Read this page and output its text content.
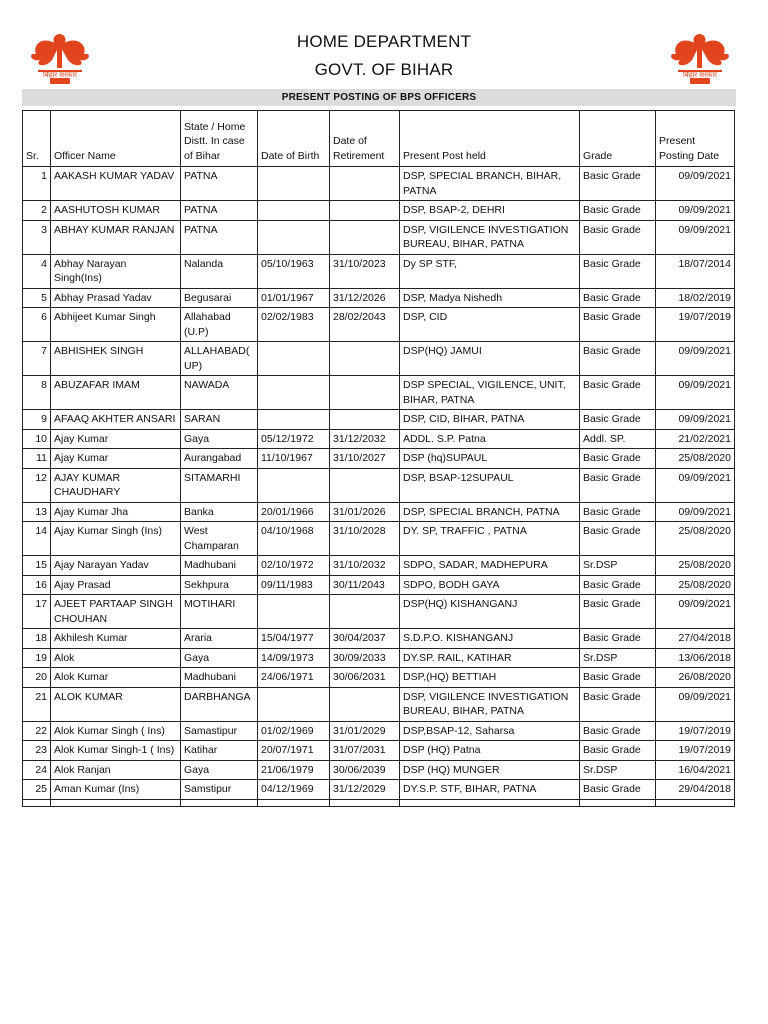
बिहार सरकार	बिहार सरकार
HOME DEPARTMENT
GOVT. OF BIHAR
PRESENT POSTING OF BPS OFFICERS
Sr.	Officer Name	State / Home Distt. In case of Bihar	Date of Birth	Date of Retirement	Present Post held	Grade	Present Posting Date
1	AAKASH KUMAR YADAV	PATNA			DSP, SPECIAL BRANCH, BIHAR, PATNA	Basic Grade	09/09/2021
2	AASHUTOSH KUMAR	PATNA			DSP, BSAP-2, DEHRI	Basic Grade	09/09/2021
3	ABHAY KUMAR RANJAN	PATNA			DSP, VIGILENCE INVESTIGATION BUREAU, BIHAR, PATNA	Basic Grade	09/09/2021
4	Abhay Narayan Singh(Ins)	Nalanda	05/10/1963	31/10/2023	Dy SP STF,	Basic Grade	18/07/2014
5	Abhay Prasad Yadav	Begusarai	01/01/1967	31/12/2026	DSP, Madya Nishedh	Basic Grade	18/02/2019
6	Abhijeet Kumar Singh	Allahabad (U.P)	02/02/1983	28/02/2043	DSP, CID	Basic Grade	19/07/2019
7	ABHISHEK SINGH	ALLAHABAD(UP)			DSP(HQ) JAMUI	Basic Grade	09/09/2021
8	ABUZAFAR IMAM	NAWADA			DSP SPECIAL, VIGILENCE, UNIT, BIHAR, PATNA	Basic Grade	09/09/2021
9	AFAAQ AKHTER ANSARI	SARAN			DSP, CID, BIHAR, PATNA	Basic Grade	09/09/2021
10	Ajay Kumar	Gaya	05/12/1972	31/12/2032	ADDL. S.P. Patna	Addl. SP.	21/02/2021
11	Ajay Kumar	Aurangabad	11/10/1967	31/10/2027	DSP (hq)SUPAUL	Basic Grade	25/08/2020
12	AJAY KUMAR CHAUDHARY	SITAMARHI			DSP, BSAP-12SUPAUL	Basic Grade	09/09/2021
13	Ajay Kumar Jha	Banka	20/01/1966	31/01/2026	DSP, SPECIAL BRANCH, PATNA	Basic Grade	09/09/2021
14	Ajay Kumar Singh (Ins)	West Champaran	04/10/1968	31/10/2028	DY. SP, TRAFFIC , PATNA	Basic Grade	25/08/2020
15	Ajay Narayan Yadav	Madhubani	02/10/1972	31/10/2032	SDPO, SADAR, MADHEPURA	Sr.DSP	25/08/2020
16	Ajay Prasad	Sekhpura	09/11/1983	30/11/2043	SDPO, BODH GAYA	Basic Grade	25/08/2020
17	AJEET PARTAAP SINGH CHOUHAN	MOTIHARI			DSP(HQ) KISHANGANJ	Basic Grade	09/09/2021
18	Akhilesh Kumar	Araria	15/04/1977	30/04/2037	S.D.P.O. KISHANGANJ	Basic Grade	27/04/2018
19	Alok	Gaya	14/09/1973	30/09/2033	DY.SP. RAIL, KATIHAR	Sr.DSP	13/06/2018
20	Alok Kumar	Madhubani	24/06/1971	30/06/2031	DSP,(HQ) BETTIAH	Basic Grade	26/08/2020
21	ALOK KUMAR	DARBHANGA			DSP, VIGILENCE INVESTIGATION BUREAU, BIHAR, PATNA	Basic Grade	09/09/2021
22	Alok Kumar Singh ( Ins)	Samastipur	01/02/1969	31/01/2029	DSP,BSAP-12, Saharsa	Basic Grade	19/07/2019
23	Alok Kumar Singh-1 ( Ins)	Katihar	20/07/1971	31/07/2031	DSP (HQ) Patna	Basic Grade	19/07/2019
24	Alok Ranjan	Gaya	21/06/1979	30/06/2039	DSP (HQ) MUNGER	Sr.DSP	16/04/2021
25	Aman Kumar (Ins)	Samstipur	04/12/1969	31/12/2029	DY.S.P. STF, BIHAR, PATNA	Basic Grade	29/04/2018
